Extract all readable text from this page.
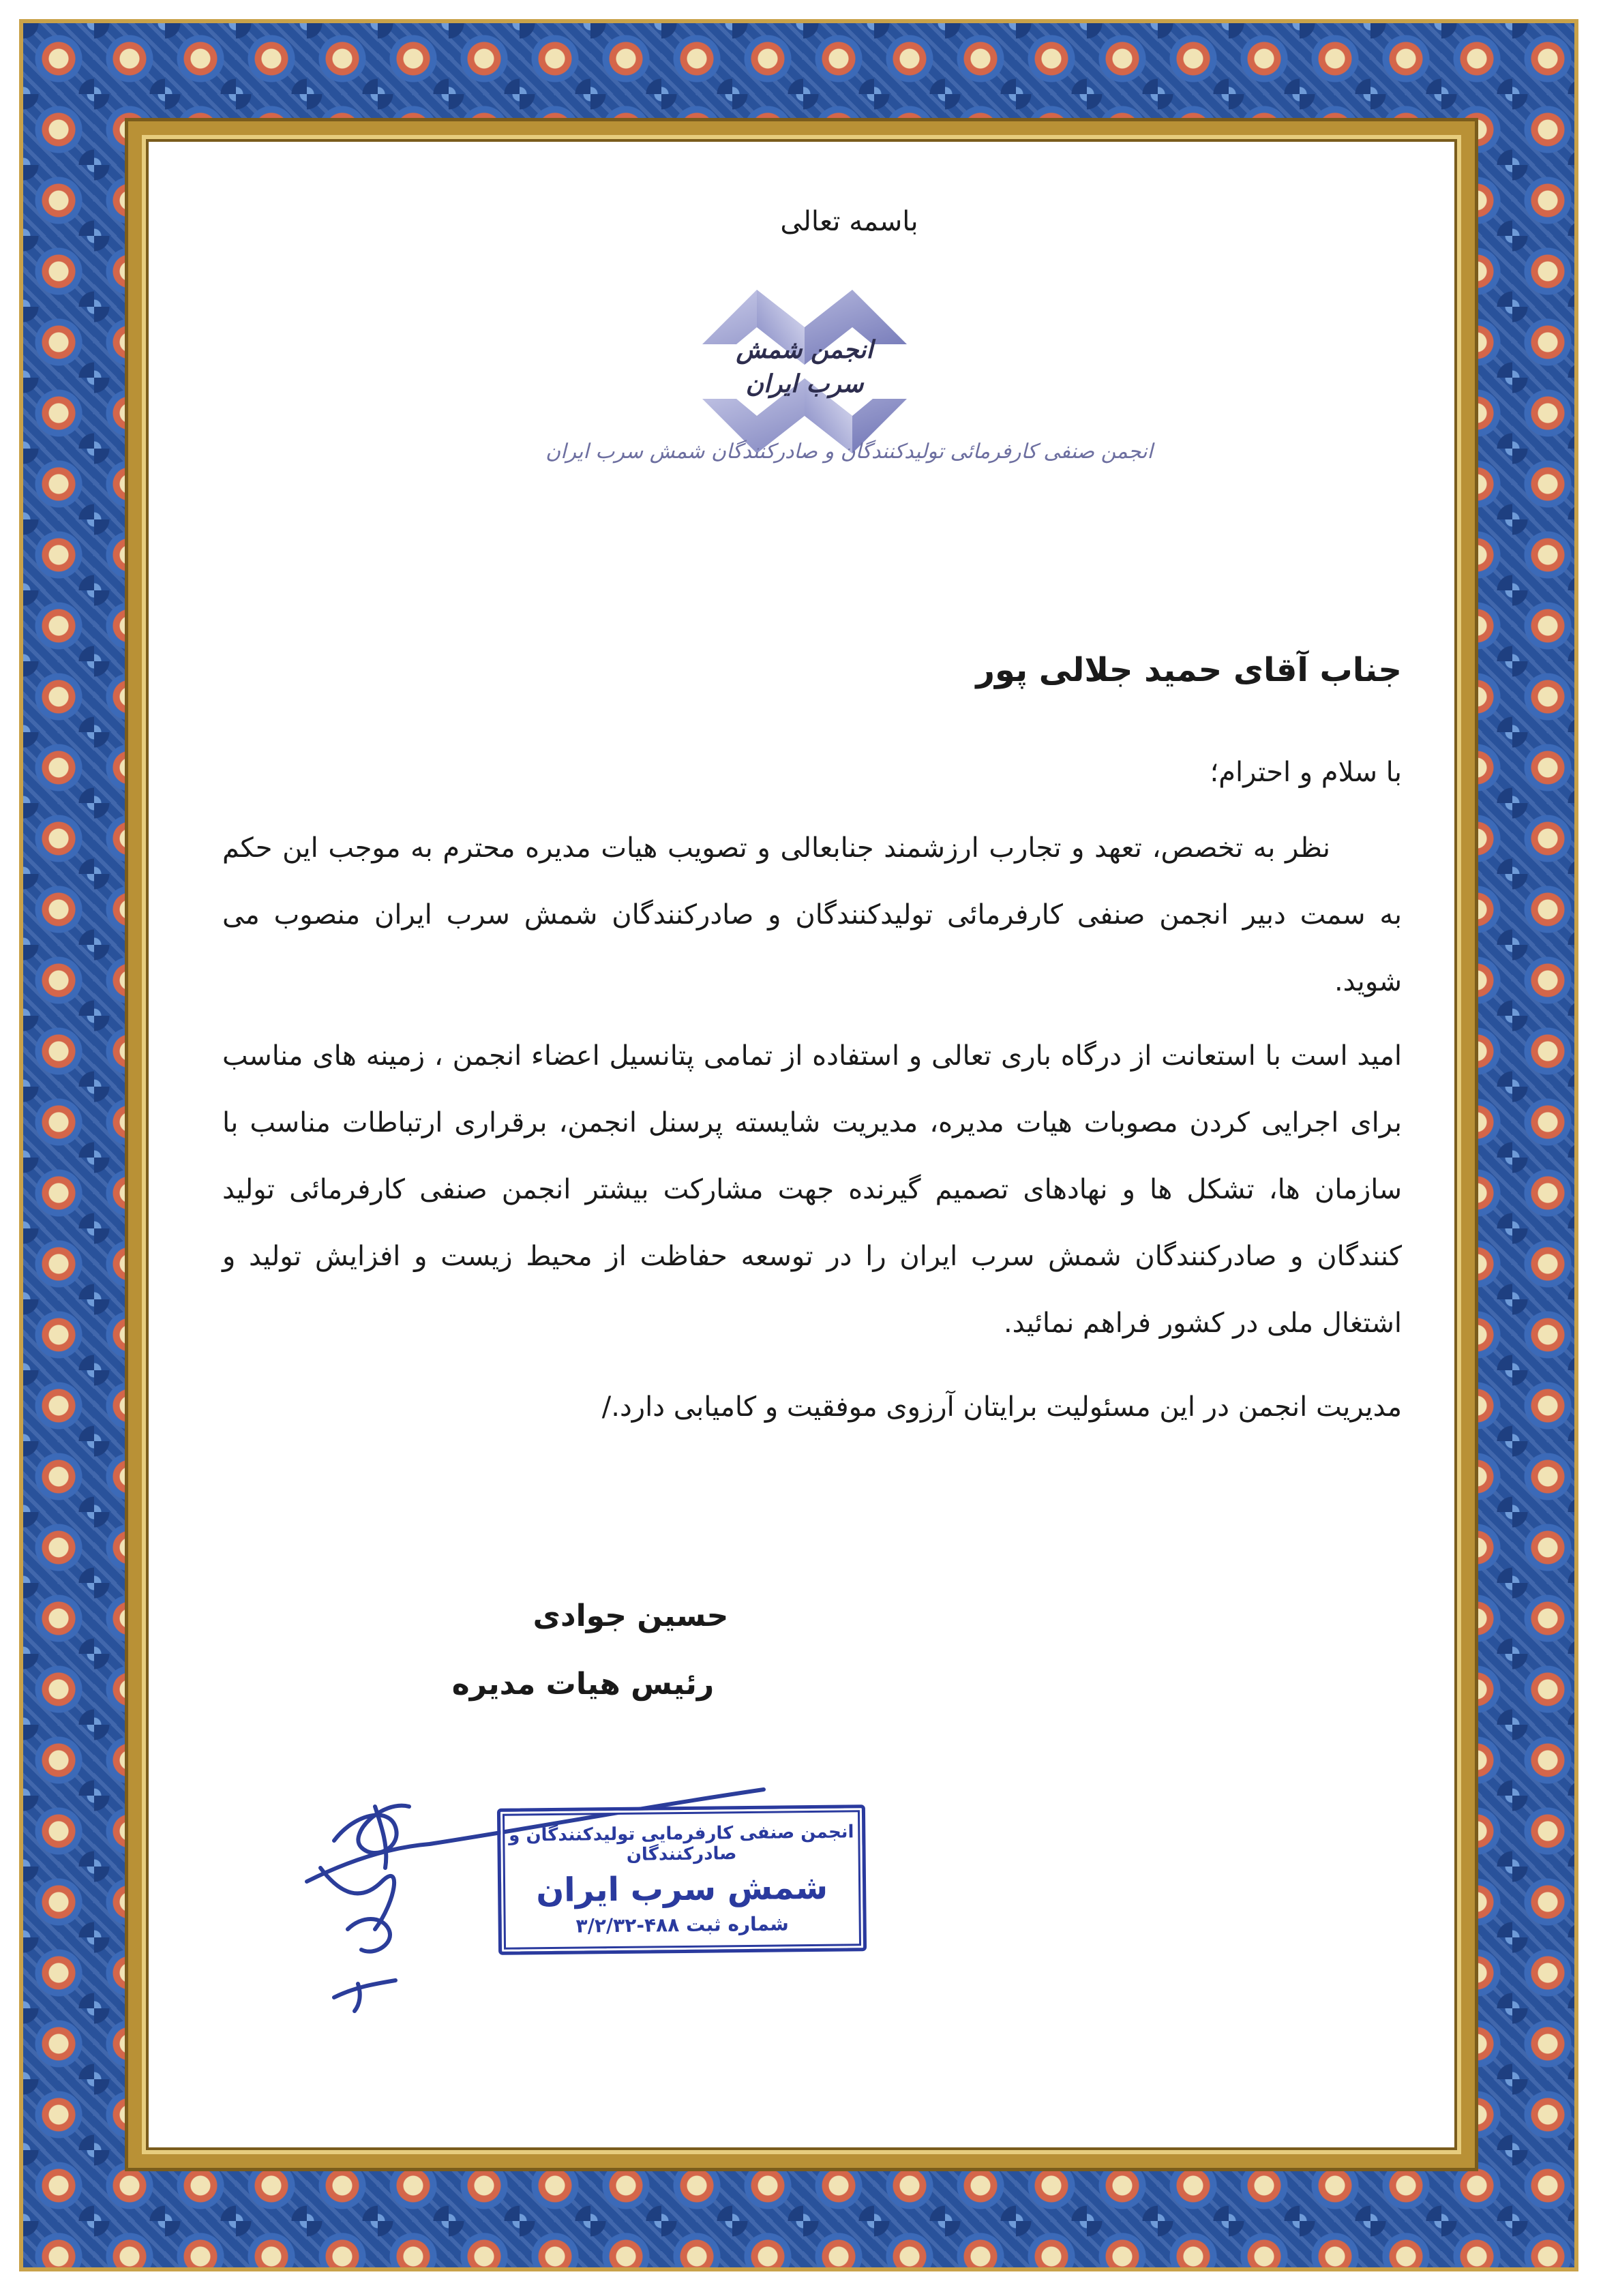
باسمه تعالی
انجمن شمش
سرب ایران
انجمن صنفی کارفرمائی تولیدکنندگان و صادرکنندگان شمش سرب ایران
جناب آقای حمید جلالی پور
با سلام و احترام؛
نظر به تخصص، تعهد و تجارب ارزشمند جنابعالی و تصویب هیات مدیره محترم به موجب این حکم به سمت دبیر انجمن صنفی کارفرمائی تولیدکنندگان و صادرکنندگان شمش سرب ایران منصوب می شوید.
امید است با استعانت از درگاه باری تعالی و استفاده از تمامی پتانسیل اعضاء انجمن ، زمینه های مناسب برای اجرایی کردن مصوبات هیات مدیره، مدیریت شایسته پرسنل انجمن، برقراری ارتباطات مناسب با سازمان ها، تشکل ها و نهادهای تصمیم گیرنده جهت مشارکت بیشتر انجمن صنفی کارفرمائی تولید کنندگان و صادرکنندگان شمش سرب ایران را در توسعه حفاظت از محیط زیست و افزایش تولید و اشتغال ملی در کشور فراهم نمائید.
مدیریت انجمن در این مسئولیت برایتان آرزوی موفقیت و کامیابی دارد./
حسین جوادی
رئیس هیات مدیره
انجمن صنفی کارفرمایی تولیدکنندگان و صادرکنندگان
شمش سرب ایران
شماره ثبت ۴۸۸-۳/۲/۳۲
